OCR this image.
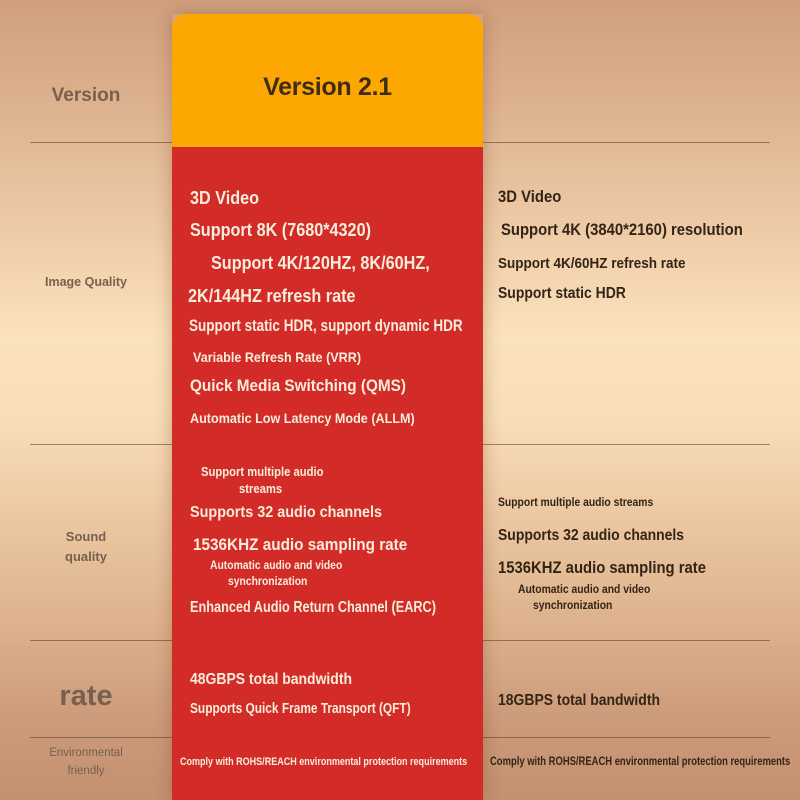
Version 2.1
Version
Image Quality
Sound
quality
rate
Environmental
friendly
3D Video
Support 8K (7680*4320)
Support 4K/120HZ, 8K/60HZ,
2K/144HZ refresh rate
Support static HDR, support dynamic HDR
Variable Refresh Rate (VRR)
Quick Media Switching (QMS)
Automatic Low Latency Mode (ALLM)
Support multiple audio
streams
Supports 32 audio channels
1536KHZ audio sampling rate
Automatic audio and video
synchronization
Enhanced Audio Return Channel (EARC)
48GBPS total bandwidth
Supports Quick Frame Transport (QFT)
Comply with ROHS/REACH environmental protection requirements
3D Video
Support 4K (3840*2160) resolution
Support 4K/60HZ refresh rate
Support static HDR
Support multiple audio streams
Supports 32 audio channels
1536KHZ audio sampling rate
Automatic audio and video
synchronization
18GBPS total bandwidth
Comply with ROHS/REACH environmental protection requirements
